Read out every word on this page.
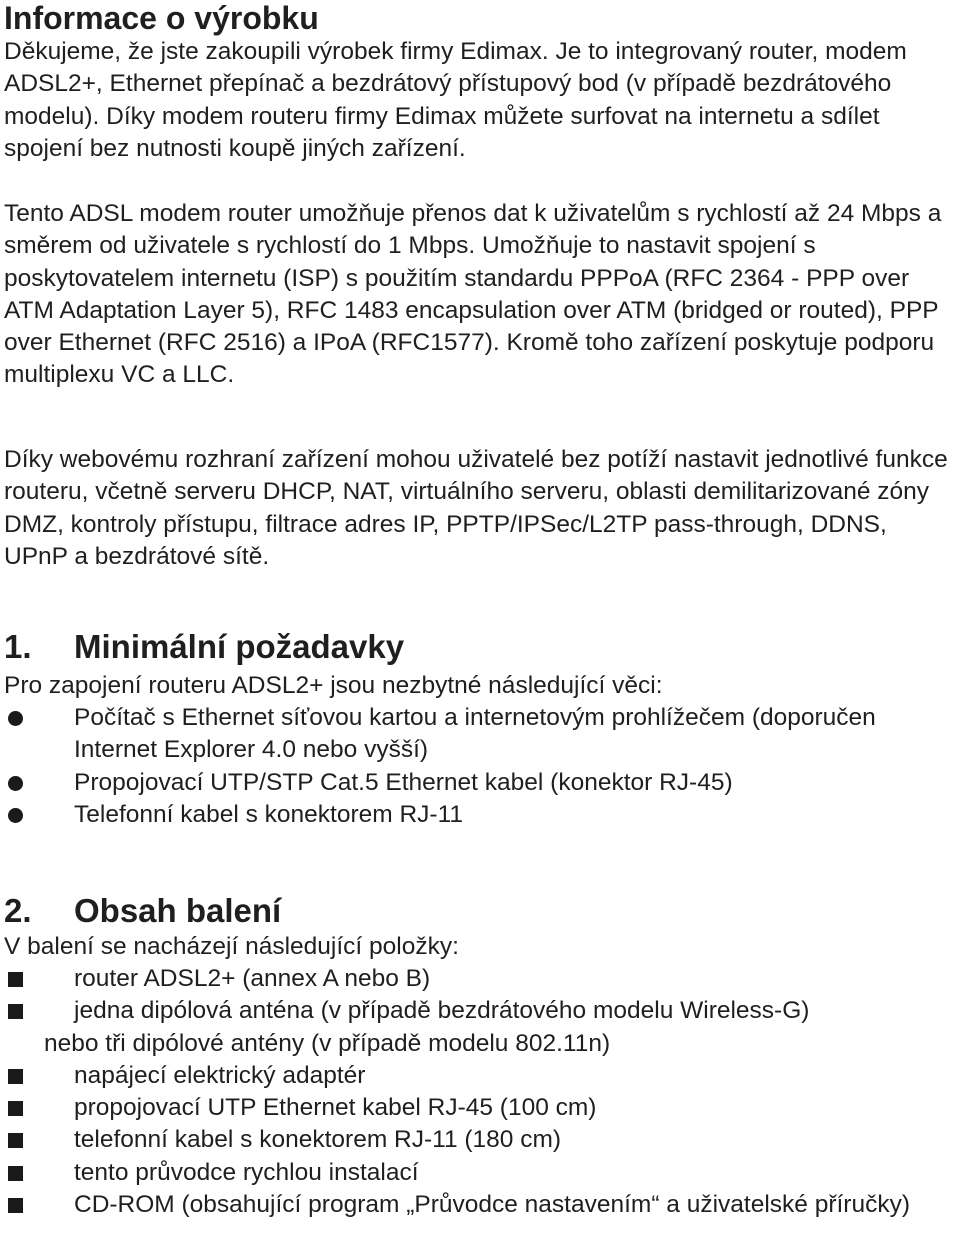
Informace o výrobku

Děkujeme, že jste zakoupili výrobek firmy Edimax. Je to integrovaný router, modem ADSL2+, Ethernet přepínač a bezdrátový přístupový bod (v případě bezdrátového modelu). Díky modem routeru firmy Edimax můžete surfovat na internetu a sdílet spojení bez nutnosti koupě jiných zařízení.

Tento ADSL modem router umožňuje přenos dat k uživatelům s rychlostí až 24 Mbps a směrem od uživatele s rychlostí do 1 Mbps. Umožňuje to nastavit spojení s poskytovatelem internetu (ISP) s použitím standardu PPPoA (RFC 2364 - PPP over ATM Adaptation Layer 5), RFC 1483 encapsulation over ATM (bridged or routed), PPP over Ethernet (RFC 2516) a IPoA (RFC1577). Kromě toho zařízení poskytuje podporu multiplexu VC a LLC.

Díky webovému rozhraní zařízení mohou uživatelé bez potíží nastavit jednotlivé funkce routeru, včetně serveru DHCP, NAT, virtuálního serveru, oblasti demilitarizované zóny DMZ, kontroly přístupu, filtrace adres IP, PPTP/IPSec/L2TP pass-through, DDNS, UPnP a bezdrátové sítě.

1. Minimální požadavky

Pro zapojení routeru ADSL2+ jsou nezbytné následující věci:

Počítač s Ethernet síťovou kartou a internetovým prohlížečem (doporučen Internet Explorer 4.0 nebo vyšší)
Propojovací UTP/STP Cat.5 Ethernet kabel (konektor RJ-45)
Telefonní kabel s konektorem RJ-11
2. Obsah balení

V balení se nacházejí následující položky:

router ADSL2+ (annex A nebo B)
jedna dipólová anténa (v případě bezdrátového modelu Wireless-G)
nebo tři dipólové antény (v případě modelu 802.11n)
napájecí elektrický adaptér
propojovací UTP Ethernet kabel RJ-45 (100 cm)
telefonní kabel s konektorem RJ-11 (180 cm)
tento průvodce rychlou instalací
CD-ROM (obsahující program „Průvodce nastavením“ a uživatelské příručky)
